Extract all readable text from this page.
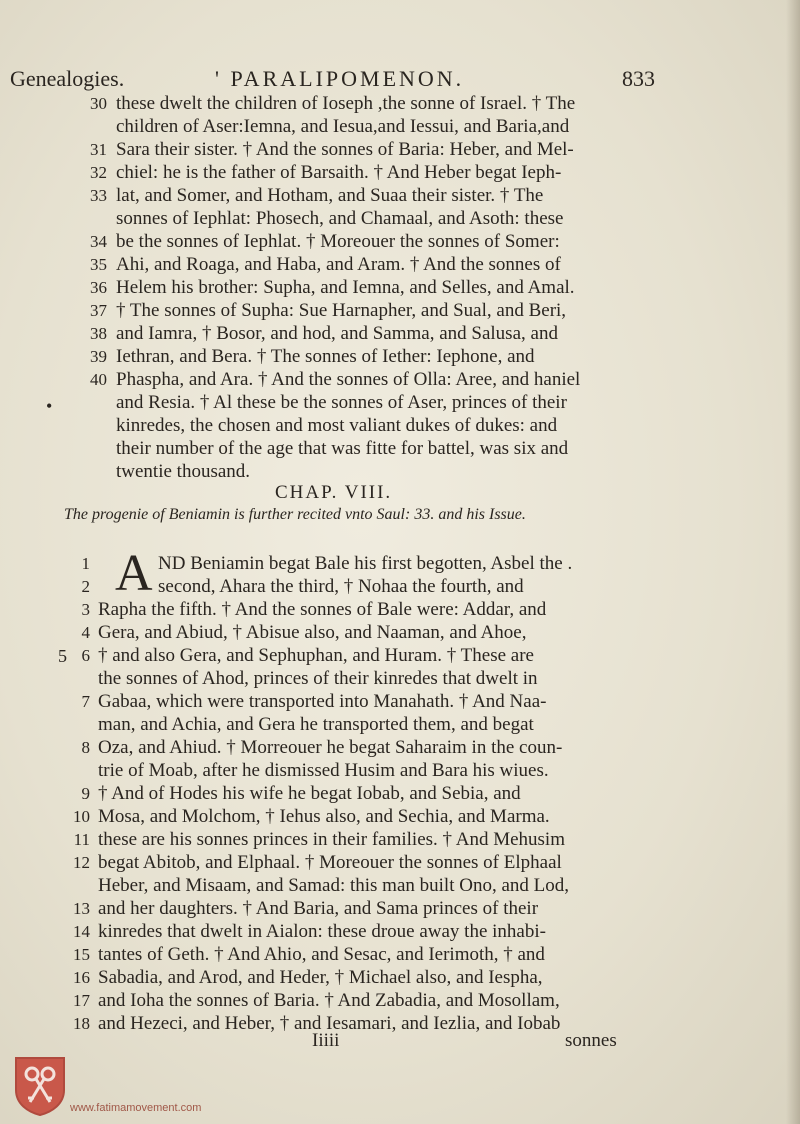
Genealogies.	' PARALIPOMENON.	833
30 these dwelt the children of Ioseph ,the sonne of Israel. † The
children of Aser:Iemna, and Iesua,and Iessui, and Baria,and
31 Sara their sister. † And the sonnes of Baria: Heber, and Mel-
32 chiel: he is the father of Barsaith. † And Heber begat Ieph-
33 lat, and Somer, and Hotham, and Suaa their sister. † The
sonnes of Iephlat: Phosech, and Chamaal, and Asoth: these
34 be the sonnes of Iephlat. † Moreouer the sonnes of Somer:
35 Ahi, and Roaga, and Haba, and Aram. † And the sonnes of
36 Helem his brother: Supha, and Iemna, and Selles, and Amal.
37 † The sonnes of Supha: Sue Harnapher, and Sual, and Beri,
38 and Iamra, † Bosor, and hod, and Samma, and Salusa, and
39 Iethran, and Bera. † The sonnes of Iether: Iephone, and
40 Phaspha, and Ara. † And the sonnes of Olla: Aree, and haniel
and Resia. † Al these be the sonnes of Aser, princes of their
kinredes, the chosen and most valiant dukes of dukes: and
their number of the age that was fitte for battel, was six and
twentie thousand.
CHAP. VIII.
The progenie of Beniamin is further recited vnto Saul: 33. and his Issue.
A
1	ND Beniamin begat Bale his first begotten, Asbel the .
2	second, Ahara the third, † Nohaa the fourth, and
3 Rapha the fifth. † And the sonnes of Bale were: Addar, and
4 Gera, and Abiud, † Abisue also, and Naaman, and Ahoe,
6 † and also Gera, and Sephuphan, and Huram. † These are
the sonnes of Ahod, princes of their kinredes that dwelt in
7 Gabaa, which were transported into Manahath. † And Naa-
man, and Achia, and Gera he transported them, and begat
8 Oza, and Ahiud. † Morreouer he begat Saharaim in the coun-
trie of Moab, after he dismissed Husim and Bara his wiues.
9 † And of Hodes his wife he begat Iobab, and Sebia, and
10 Mosa, and Molchom, † Iehus also, and Sechia, and Marma.
11 these are his sonnes princes in their families. † And Mehusim
12 begat Abitob, and Elphaal. † Moreouer the sonnes of Elphaal
Heber, and Misaam, and Samad: this man built Ono, and Lod,
13 and her daughters. † And Baria, and Sama princes of their
14 kinredes that dwelt in Aialon: these droue away the inhabi-
15 tantes of Geth. † And Ahio, and Sesac, and Ierimoth, † and
16 Sabadia, and Arod, and Heder, † Michael also, and Iespha,
17 and Ioha the sonnes of Baria. † And Zabadia, and Mosollam,
18 and Hezeci, and Heber, † and Iesamari, and Iezlia, and Iobab
5
•
Iiiii	sonnes
www.fatimamovement.com
